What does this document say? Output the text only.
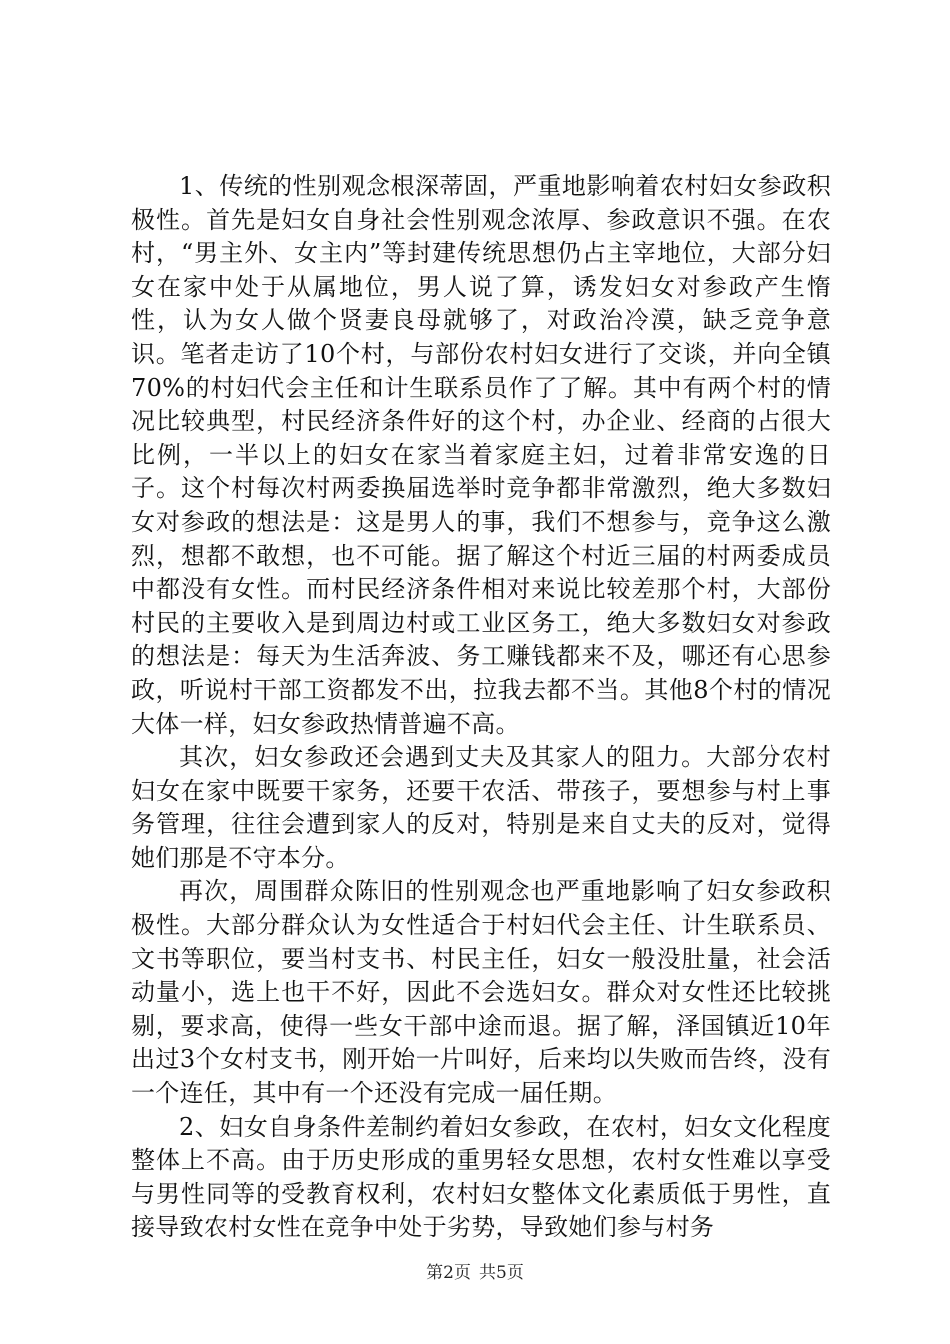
1、传统的性别观念根深蒂固，严重地影响着农村妇女参政积极性。首先是妇女自身社会性别观念浓厚、参政意识不强。在农村，“男主外、女主内”等封建传统思想仍占主宰地位，大部分妇女在家中处于从属地位，男人说了算，诱发妇女对参政产生惰性，认为女人做个贤妻良母就够了，对政治冷漠，缺乏竞争意识。笔者走访了10个村，与部份农村妇女进行了交谈，并向全镇70%的村妇代会主任和计生联系员作了了解。其中有两个村的情况比较典型，村民经济条件好的这个村，办企业、经商的占很大比例，一半以上的妇女在家当着家庭主妇，过着非常安逸的日子。这个村每次村两委换届选举时竞争都非常激烈，绝大多数妇女对参政的想法是：这是男人的事，我们不想参与，竞争这么激烈，想都不敢想，也不可能。据了解这个村近三届的村两委成员中都没有女性。而村民经济条件相对来说比较差那个村，大部份村民的主要收入是到周边村或工业区务工，绝大多数妇女对参政的想法是：每天为生活奔波、务工赚钱都来不及，哪还有心思参政，听说村干部工资都发不出，拉我去都不当。其他8个村的情况大体一样，妇女参政热情普遍不高。

其次，妇女参政还会遇到丈夫及其家人的阻力。大部分农村妇女在家中既要干家务，还要干农活、带孩子，要想参与村上事务管理，往往会遭到家人的反对，特别是来自丈夫的反对，觉得她们那是不守本分。

再次，周围群众陈旧的性别观念也严重地影响了妇女参政积极性。大部分群众认为女性适合于村妇代会主任、计生联系员、文书等职位，要当村支书、村民主任，妇女一般没肚量，社会活动量小，选上也干不好，因此不会选妇女。群众对女性还比较挑剔，要求高，使得一些女干部中途而退。据了解，泽国镇近10年出过3个女村支书，刚开始一片叫好，后来均以失败而告终，没有一个连任，其中有一个还没有完成一届任期。

2、妇女自身条件差制约着妇女参政，在农村，妇女文化程度整体上不高。由于历史形成的重男轻女思想，农村女性难以享受与男性同等的受教育权利，农村妇女整体文化素质低于男性，直接导致农村女性在竞争中处于劣势，导致她们参与村务

第2页 共5页
